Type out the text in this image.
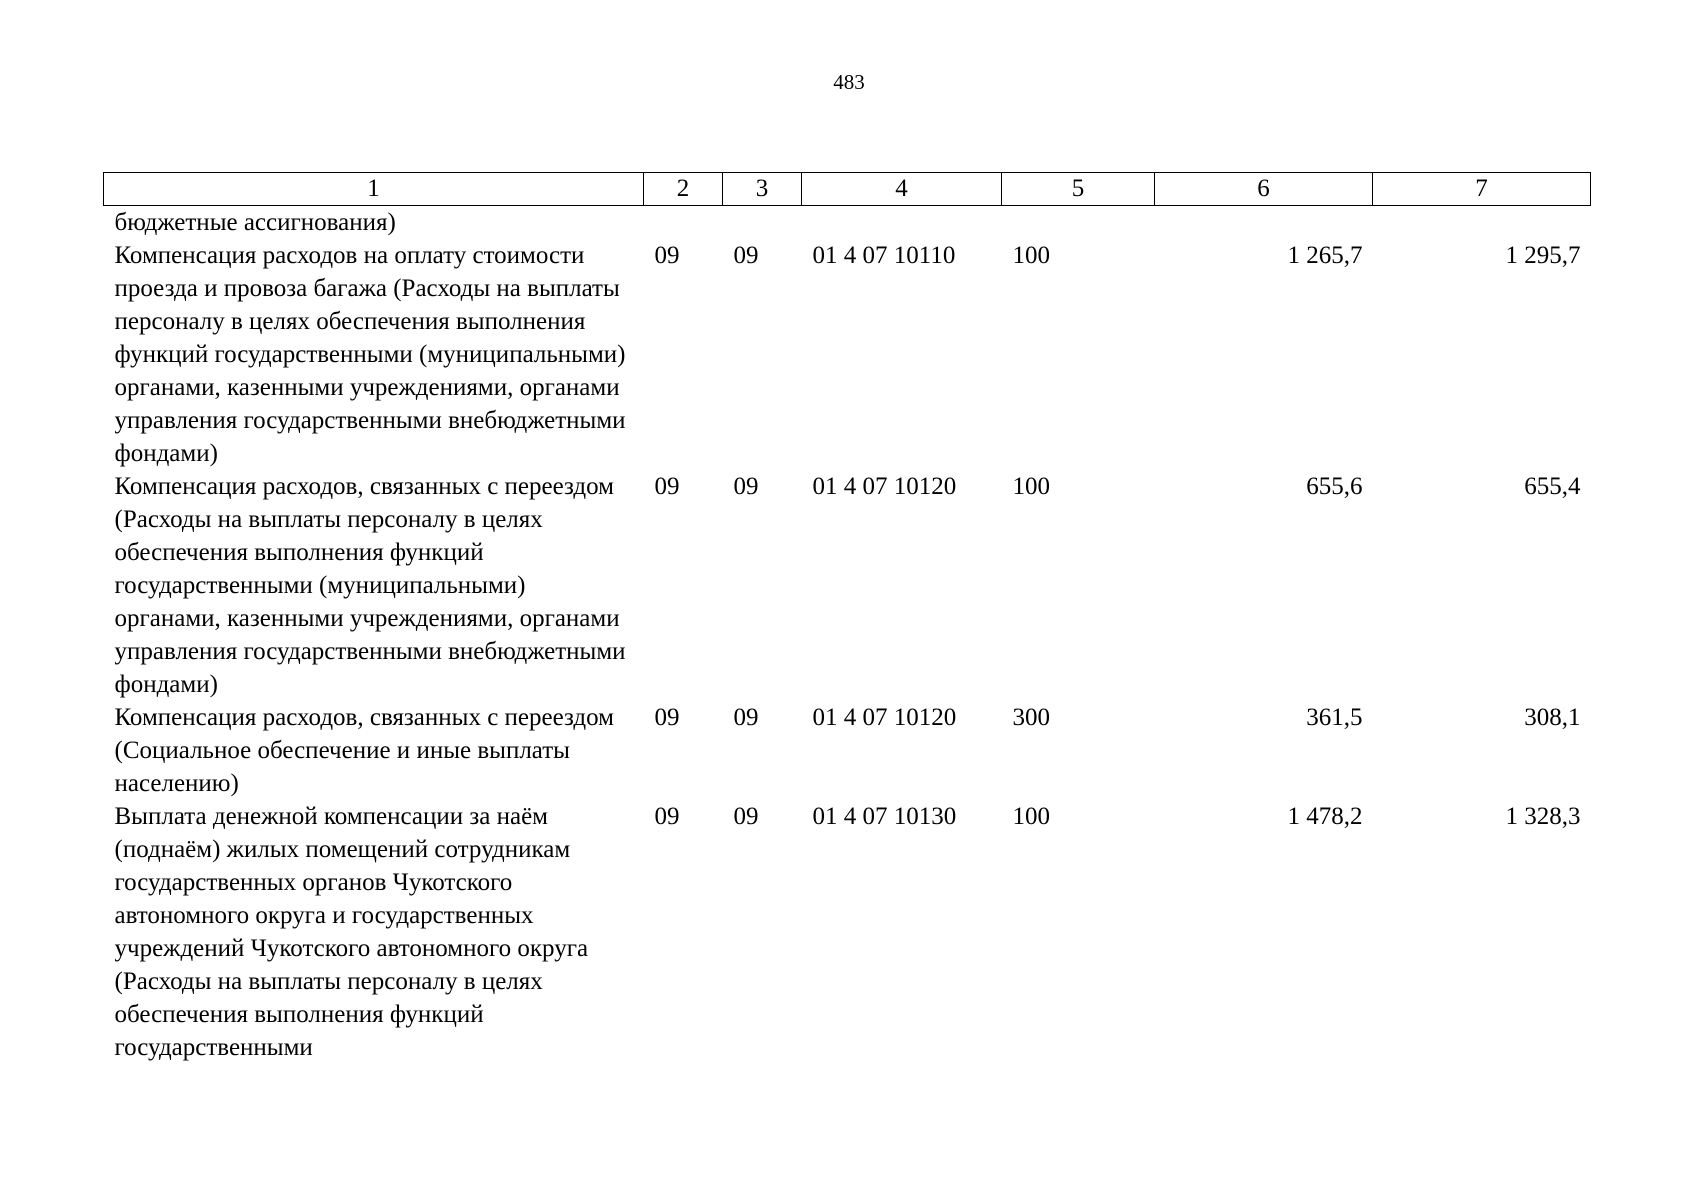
483
1	2	3	4	5	6	7
бюджетные ассигнования)						
Компенсация расходов на оплату стоимости проезда и провоза багажа (Расходы на выплаты персоналу в целях обеспечения выполнения функций государственными (муниципальными) органами, казенными учреждениями, органами управления государственными внебюджетными фондами)	09	09	01 4 07 10110	100	1 265,7	1 295,7
Компенсация расходов, связанных с переездом (Расходы на выплаты персоналу в целях обеспечения выполнения функций государственными (муниципальными) органами, казенными учреждениями, органами управления государственными внебюджетными фондами)	09	09	01 4 07 10120	100	655,6	655,4
Компенсация расходов, связанных с переездом (Социальное обеспечение и иные выплаты населению)	09	09	01 4 07 10120	300	361,5	308,1
Выплата денежной компенсации за наём (поднаём) жилых помещений сотрудникам государственных органов Чукотского автономного округа и государственных учреждений Чукотского автономного округа (Расходы на выплаты персоналу в целях обеспечения выполнения функций государственными	09	09	01 4 07 10130	100	1 478,2	1 328,3
